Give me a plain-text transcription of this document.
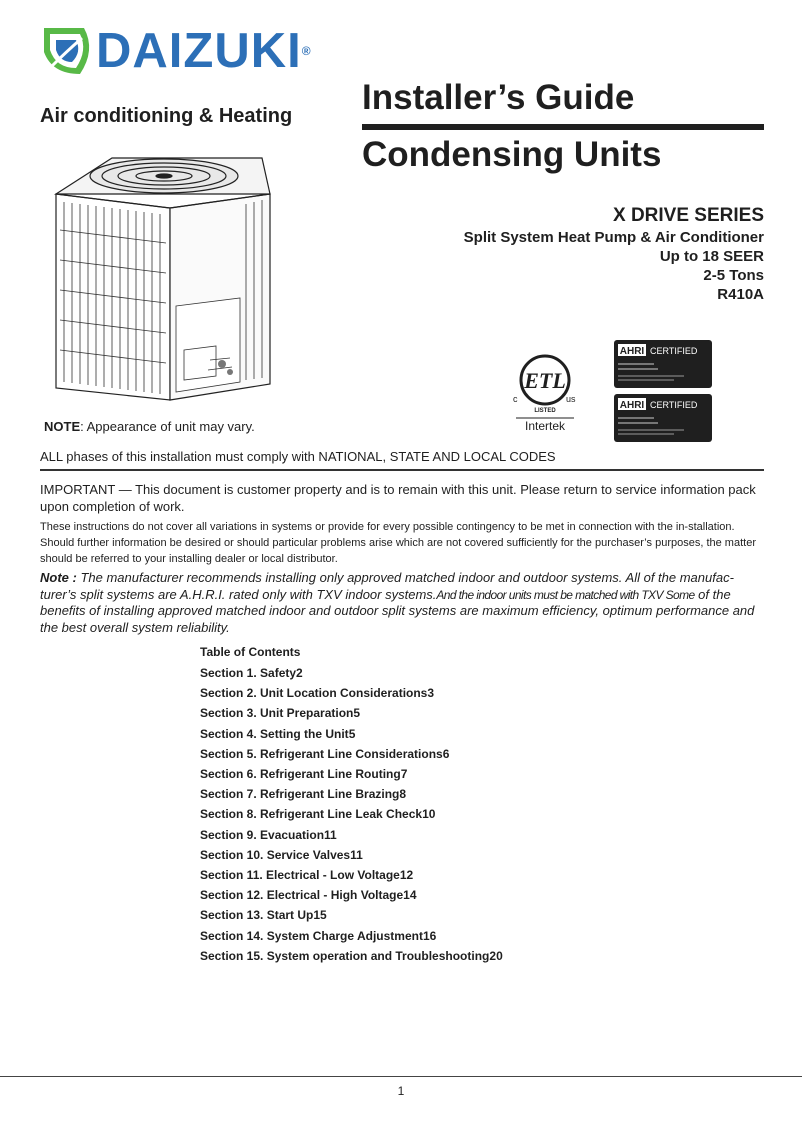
DAIZUKI®
Air conditioning & Heating Installer’s Guide
Condensing Units
X DRIVE SERIES
Split System Heat Pump & Air Conditioner
Up to 18 SEER
2-5 Tons
R410A
NOTE: Appearance of unit may vary.
ETL
c	us
LISTED
Intertek
AHRI CERTIFIED
AHRI CERTIFIED
ALL phases of this installation must comply with NATIONAL, STATE AND LOCAL CODES
IMPORTANT — This document is customer property and is to remain with this unit. Please return to service information pack upon completion of work.
These instructions do not cover all variations in systems or provide for every possible contingency to be met in connection with the in-stallation. Should further information be desired or should particular problems arise which are not covered sufficiently for the purchaser’s purposes, the matter should be referred to your installing dealer or local distributor.
Note : The manufacturer recommends installing only approved matched indoor and outdoor systems. All of the manufac-turer’s split systems are A.H.R.I. rated only with TXV indoor systems.And the indoor units must be matched with TXV Some of the benefits of installing approved matched indoor and outdoor split systems are maximum efficiency, optimum performance and the best overall system reliability.
Table of Contents
Section 1. Safety2
Section 2. Unit Location Considerations3
Section 3. Unit Preparation5
Section 4. Setting the Unit5
Section 5. Refrigerant Line Considerations6
Section 6. Refrigerant Line Routing7
Section 7. Refrigerant Line Brazing8
Section 8. Refrigerant Line Leak Check10
Section 9. Evacuation11
Section 10. Service Valves11
Section 11. Electrical - Low Voltage12
Section 12. Electrical - High Voltage14
Section 13. Start Up15
Section 14. System Charge Adjustment16
Section 15. System operation and Troubleshooting20
1
